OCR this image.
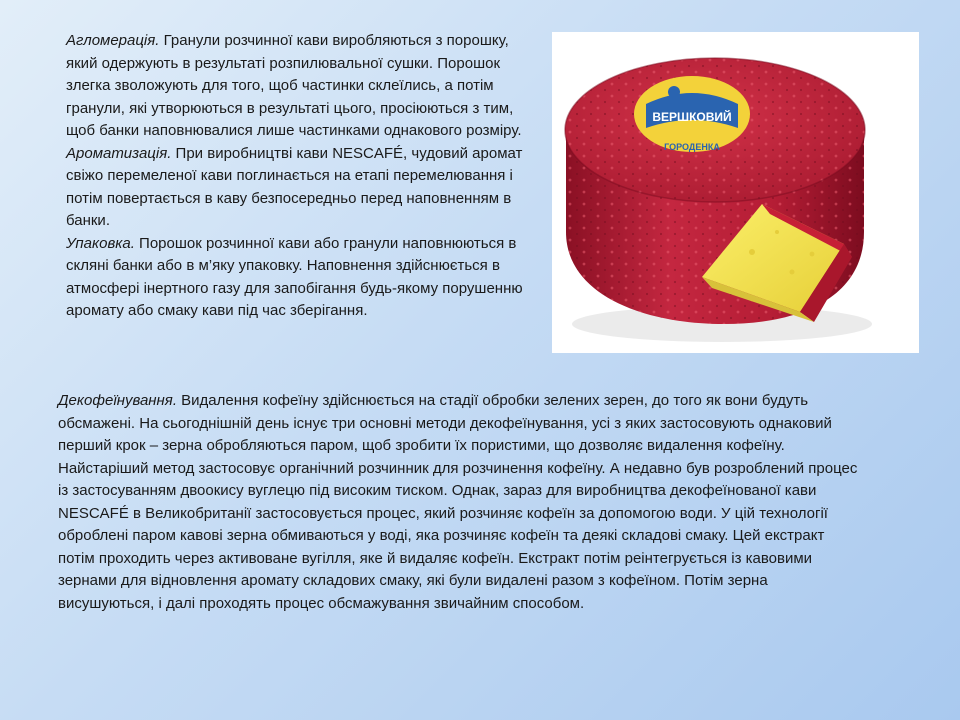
Агломерація. Гранули розчинної кави виробляються з порошку, який одержують в результаті розпилювальної сушки. Порошок злегка зволожують для того, щоб частинки склеїлись, а потім гранули, які утворюються в результаті цього, просіюються з тим, щоб банки наповнювалися лише частинками однакового розміру.

Ароматизація. При виробництві кави NESCAFÉ, чудовий аромат свіжо перемеленої кави поглинається на етапі перемелювання і потім повертається в каву безпосередньо перед наповненням в банки.

Упаковка. Порошок розчинної кави або гранули наповнюються в скляні банки або в м’яку упаковку. Наповнення здійснюється в атмосфері інертного газу для запобігання будь-якому порушенню аромату або смаку кави під час зберігання.

ВЕРШКОВИЙ
ГОРОДЕНКА

Декофеїнування. Видалення кофеїну здійснюється на стадії обробки зелених зерен, до того як вони будуть обсмажені. На сьогоднішній день існує три основні методи декофеїнування, усі з яких застосовують однаковий перший крок – зерна обробляються паром, щоб зробити їх пористими, що дозволяє видалення кофеїну.

Найстаріший метод застосовує органічний розчинник для розчинення кофеїну. А недавно був розроблений процес із застосуванням двоокису вуглецю під високим тиском. Однак, зараз для виробництва декофеїнованої кави NESCAFÉ в Великобританії застосовується процес, який розчиняє кофеїн за допомогою води. У цій технології оброблені паром кавові зерна обмиваються у воді, яка розчиняє кофеїн та деякі складові смаку. Цей екстракт потім проходить через активоване вугілля, яке й видаляє кофеїн. Екстракт потім реінтегрується із кавовими зернами для відновлення аромату складових смаку, які були видалені разом з кофеїном. Потім зерна висушуються, і далі проходять процес обсмажування звичайним способом.
